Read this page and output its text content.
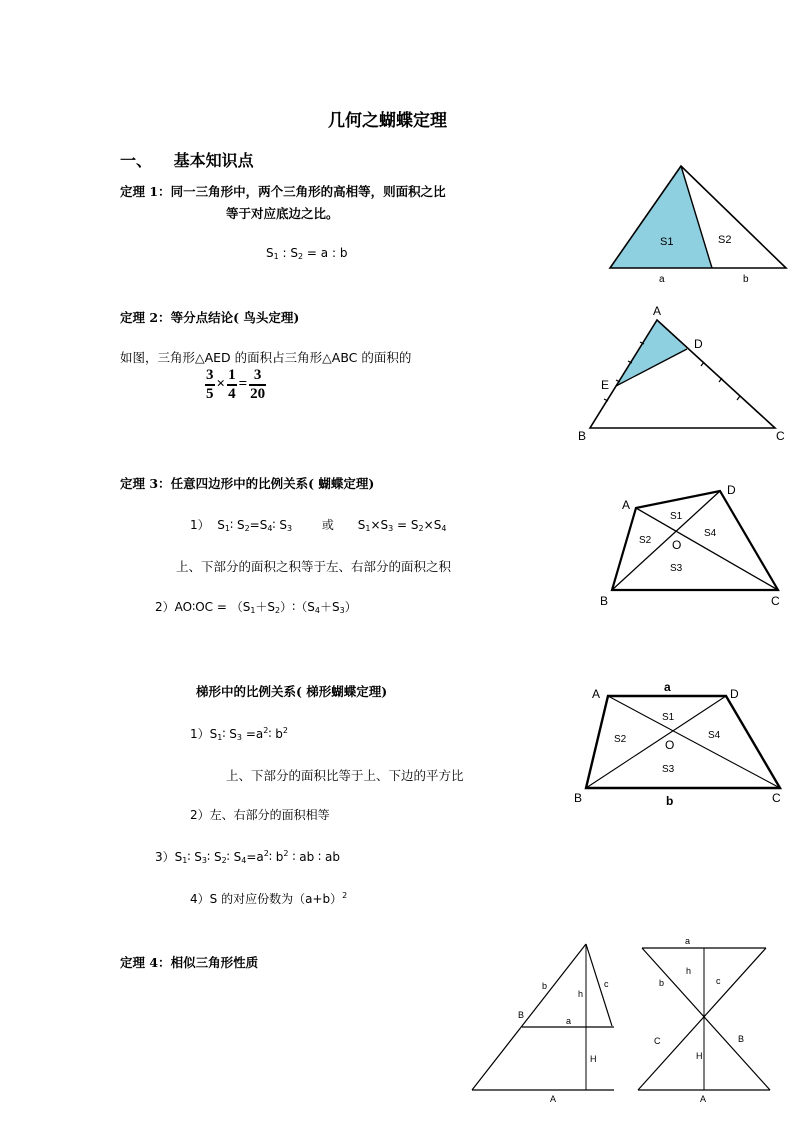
几何之蝴蝶定理
一、 基本知识点
定理 1：同一三角形中，两个三角形的高相等，则面积之比
等于对应底边之比。
$S_1$ : $S_2 = a$ : b
S1	S2
a	b
定理 2：等分点结论( 鸟头定理)
如图，三角形△AED 的面积占三角形△ABC 的面积的
$\frac{3}{5} \times \frac{1}{4} = \frac{3}{20}$
A
D
E
B	C
定理 3：任意四边形中的比例关系( 蝴蝶定理)
1） $S_1∶$ $S_2=S_4∶$ $S_3$ 或 $S_1\times S_3 = S_2\times S_4$
上、下部分的面积之积等于左、右部分的面积之积
2）AO∶OC = $(S_1+S_2)∶(S_4+S_3)$
A
D
B	C
O
S1
S2
S4
S3
梯形中的比例关系( 梯形蝴蝶定理)
$1)S_1∶$ $S_3$ $=a^2∶$ $b^2$
上、下部分的面积比等于上、下边的平方比
2）左、右部分的面积相等
$3)S_1∶$ $S_3∶$ $S_2∶$ $S_4=a^2∶$ $b^2$ ∶ ab ∶ ab
4）S 的对应份数为$(a+b)^2$
A	D
B	C
a
b
O
S1
S2	S4
S3
定理 4：相似三角形性质
b	c
h
B
a
H
A
a
h
b	c
C	B
H
A
